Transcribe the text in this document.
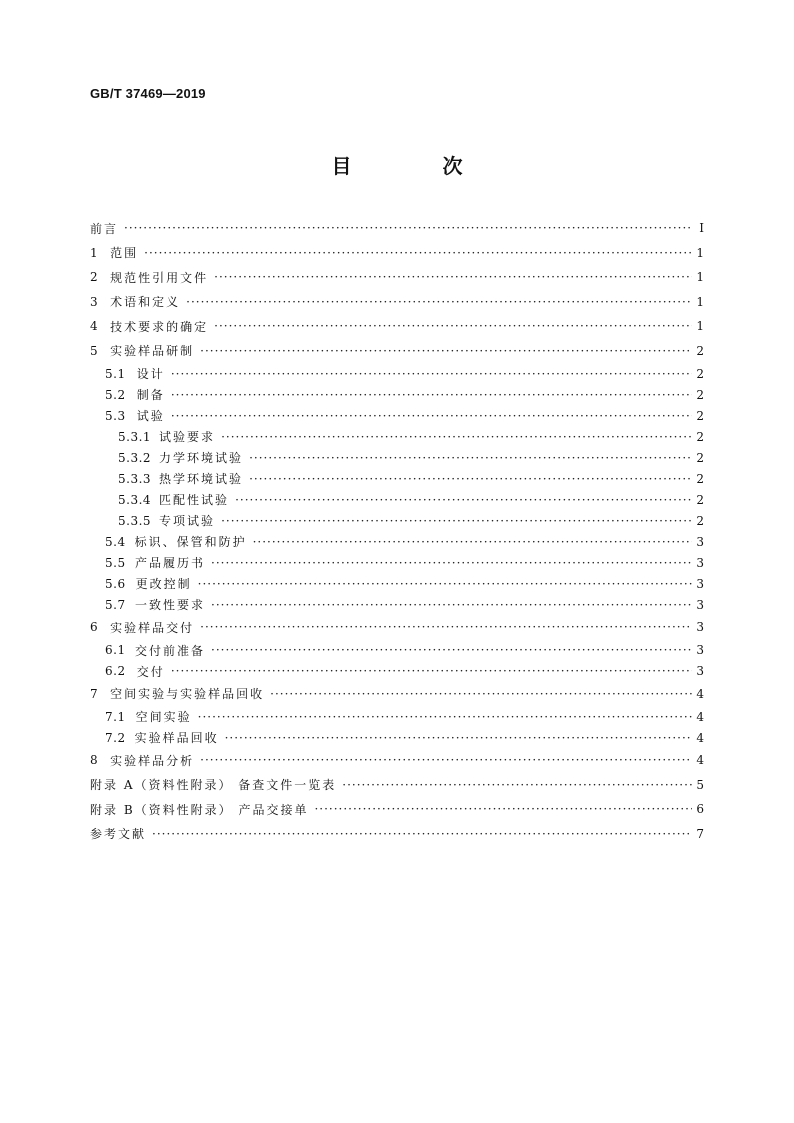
GB/T 37469—2019
目 次
前言 ·····	Ⅰ
1 范围 ·····	1
2 规范性引用文件 ·····	1
3 术语和定义 ·····	1
4 技术要求的确定 ·····	1
5 实验样品研制 ·····	2
5.1 设计 ·····	2
5.2 制备 ·····	2
5.3 试验 ·····	2
5.3.1 试验要求 ·····	2
5.3.2 力学环境试验 ·····	2
5.3.3 热学环境试验 ·····	2
5.3.4 匹配性试验 ·····	2
5.3.5 专项试验 ·····	2
5.4 标识、保管和防护 ·····	3
5.5 产品履历书 ·····	3
5.6 更改控制 ·····	3
5.7 一致性要求 ·····	3
6 实验样品交付 ·····	3
6.1 交付前准备 ·····	3
6.2 交付 ·····	3
7 空间实验与实验样品回收 ·····	4
7.1 空间实验 ·····	4
7.2 实验样品回收 ·····	4
8 实验样品分析 ·····	4
附录 A（资料性附录） 备查文件一览表 ·····	5
附录 B（资料性附录） 产品交接单 ·····	6
参考文献 ·····	7
